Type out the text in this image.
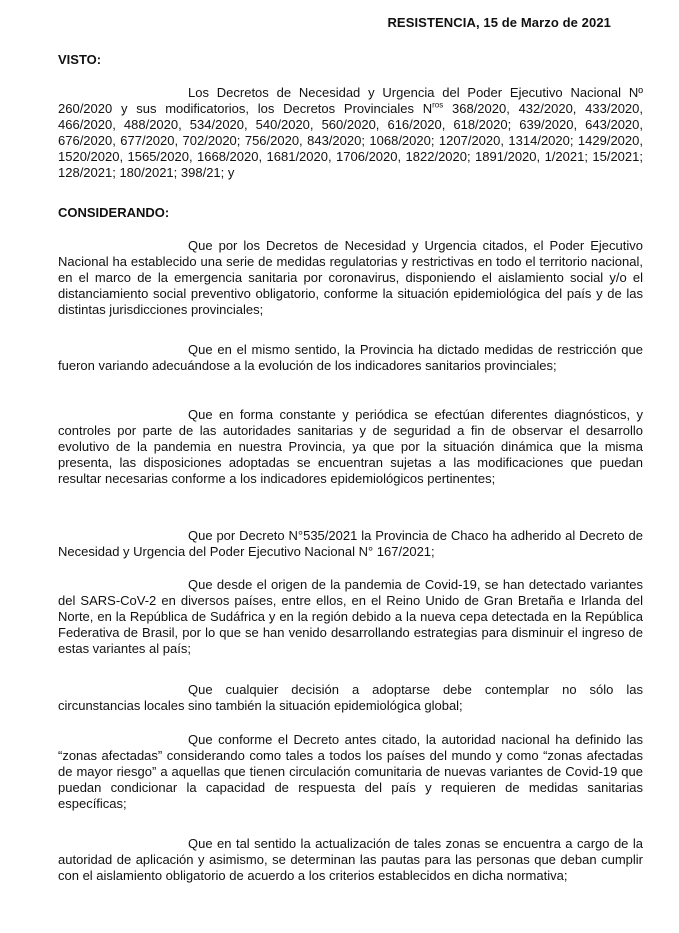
RESISTENCIA, 15 de Marzo de 2021
VISTO:

Los Decretos de Necesidad y Urgencia del Poder Ejecutivo Nacional Nº 260/2020 y sus modificatorios, los Decretos Provinciales $N^{ros}$ 368/2020, 432/2020, 433/2020, 466/2020, 488/2020, 534/2020, 540/2020, 560/2020, 616/2020, 618/2020; 639/2020, 643/2020, 676/2020, 677/2020, 702/2020; 756/2020, 843/2020; 1068/2020; 1207/2020, 1314/2020; 1429/2020, 1520/2020, 1565/2020, 1668/2020, 1681/2020, 1706/2020, 1822/2020; 1891/2020, 1/2021; 15/2021; 128/2021; 180/2021; 398/21; y

CONSIDERANDO:

Que por los Decretos de Necesidad y Urgencia citados, el Poder Ejecutivo Nacional ha establecido una serie de medidas regulatorias y restrictivas en todo el territorio nacional, en el marco de la emergencia sanitaria por coronavirus, disponiendo el aislamiento social y/o el distanciamiento social preventivo obligatorio, conforme la situación epidemiológica del país y de las distintas jurisdicciones provinciales;

Que en el mismo sentido, la Provincia ha dictado medidas de restricción que fueron variando adecuándose a la evolución de los indicadores sanitarios provinciales;

Que en forma constante y periódica se efectúan diferentes diagnósticos, y controles por parte de las autoridades sanitarias y de seguridad a fin de observar el desarrollo evolutivo de la pandemia en nuestra Provincia, ya que por la situación dinámica que la misma presenta, las disposiciones adoptadas se encuentran sujetas a las modificaciones que puedan resultar necesarias conforme a los indicadores epidemiológicos pertinentes;

Que por Decreto N°535/2021 la Provincia de Chaco ha adherido al Decreto de Necesidad y Urgencia del Poder Ejecutivo Nacional N° 167/2021;

Que desde el origen de la pandemia de Covid-19, se han detectado variantes del SARS-CoV-2 en diversos países, entre ellos, en el Reino Unido de Gran Bretaña e Irlanda del Norte, en la República de Sudáfrica y en la región debido a la nueva cepa detectada en la República Federativa de Brasil, por lo que se han venido desarrollando estrategias para disminuir el ingreso de estas variantes al país;

Que cualquier decisión a adoptarse debe contemplar no sólo las circunstancias locales sino también la situación epidemiológica global;

Que conforme el Decreto antes citado, la autoridad nacional ha definido las “zonas afectadas” considerando como tales a todos los países del mundo y como “zonas afectadas de mayor riesgo” a aquellas que tienen circulación comunitaria de nuevas variantes de Covid-19 que puedan condicionar la capacidad de respuesta del país y requieren de medidas sanitarias específicas;

Que en tal sentido la actualización de tales zonas se encuentra a cargo de la autoridad de aplicación y asimismo, se determinan las pautas para las personas que deban cumplir con el aislamiento obligatorio de acuerdo a los criterios establecidos en dicha normativa;
